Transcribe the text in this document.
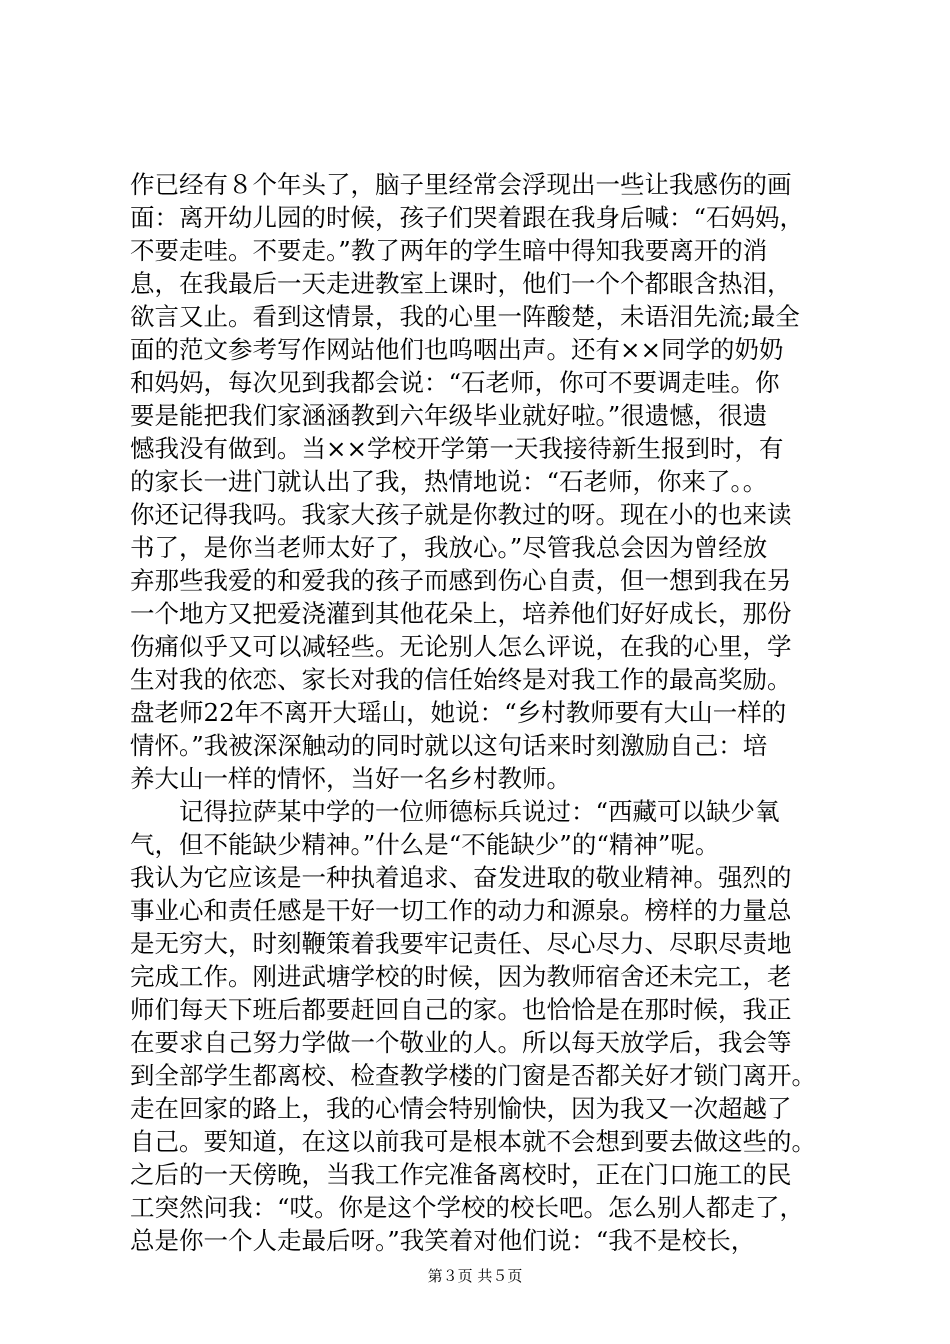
作已经有８个年头了，脑子里经常会浮现出一些让我感伤的画
面：离开幼儿园的时候，孩子们哭着跟在我身后喊：“石妈妈，
不要走哇。不要走。”教了两年的学生暗中得知我要离开的消
息，在我最后一天走进教室上课时，他们一个个都眼含热泪，
欲言又止。看到这情景，我的心里一阵酸楚，未语泪先流;最全
面的范文参考写作网站他们也呜咽出声。还有××同学的奶奶
和妈妈，每次见到我都会说：“石老师，你可不要调走哇。你
要是能把我们家涵涵教到六年级毕业就好啦。”很遗憾，很遗
憾我没有做到。当××学校开学第一天我接待新生报到时，有
的家长一进门就认出了我，热情地说：“石老师，你来了。。
你还记得我吗。我家大孩子就是你教过的呀。现在小的也来读
书了，是你当老师太好了，我放心。”尽管我总会因为曾经放
弃那些我爱的和爱我的孩子而感到伤心自责，但一想到我在另
一个地方又把爱浇灌到其他花朵上，培养他们好好成长，那份
伤痛似乎又可以减轻些。无论别人怎么评说，在我的心里，学
生对我的依恋、家长对我的信任始终是对我工作的最高奖励。
盘老师22年不离开大瑶山，她说：“乡村教师要有大山一样的
情怀。”我被深深触动的同时就以这句话来时刻激励自己：培
养大山一样的情怀，当好一名乡村教师。
　　记得拉萨某中学的一位师德标兵说过：“西藏可以缺少氧
气，但不能缺少精神。”什么是“不能缺少”的“精神”呢。
我认为它应该是一种执着追求、奋发进取的敬业精神。强烈的
事业心和责任感是干好一切工作的动力和源泉。榜样的力量总
是无穷大，时刻鞭策着我要牢记责任、尽心尽力、尽职尽责地
完成工作。刚进武塘学校的时候，因为教师宿舍还未完工，老
师们每天下班后都要赶回自己的家。也恰恰是在那时候，我正
在要求自己努力学做一个敬业的人。所以每天放学后，我会等
到全部学生都离校、检查教学楼的门窗是否都关好才锁门离开。
走在回家的路上，我的心情会特别愉快，因为我又一次超越了
自己。要知道，在这以前我可是根本就不会想到要去做这些的。
之后的一天傍晚，当我工作完准备离校时，正在门口施工的民
工突然问我：“哎。你是这个学校的校长吧。怎么别人都走了，
总是你一个人走最后呀。”我笑着对他们说：“我不是校长，
第３页 共５页
